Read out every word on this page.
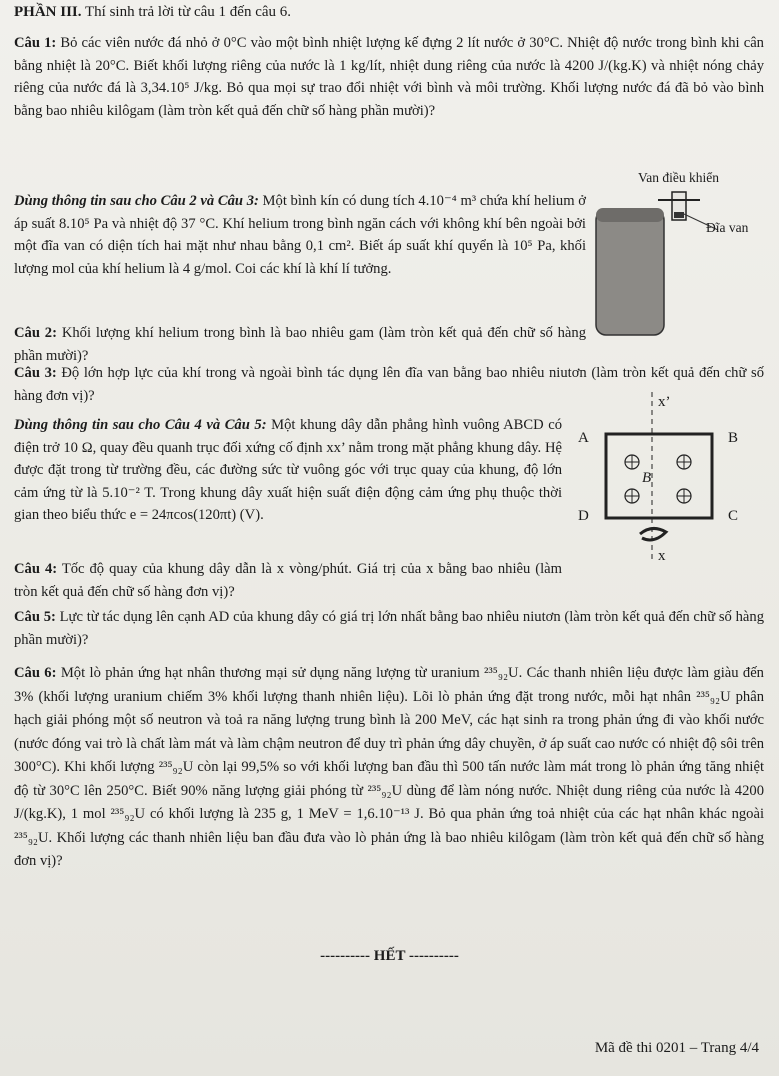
PHẦN III. Thí sinh trả lời từ câu 1 đến câu 6.

Câu 1: Bỏ các viên nước đá nhỏ ở 0°C vào một bình nhiệt lượng kế đựng 2 lít nước ở 30°C. Nhiệt độ nước trong bình khi cân bằng nhiệt là 20°C. Biết khối lượng riêng của nước là 1 kg/lít, nhiệt dung riêng của nước là 4200 J/(kg.K) và nhiệt nóng chảy riêng của nước đá là 3,34.10⁵ J/kg. Bỏ qua mọi sự trao đổi nhiệt với bình và môi trường. Khối lượng nước đá đã bỏ vào bình bằng bao nhiêu kilôgam (làm tròn kết quả đến chữ số hàng phần mười)?

Dùng thông tin sau cho Câu 2 và Câu 3: Một bình kín có dung tích 4.10⁻⁴ m³ chứa khí helium ở áp suất 8.10⁵ Pa và nhiệt độ 37 °C. Khí helium trong bình ngăn cách với không khí bên ngoài bởi một đĩa van có diện tích hai mặt như nhau bằng 0,1 cm². Biết áp suất khí quyển là 10⁵ Pa, khối lượng mol của khí helium là 4 g/mol. Coi các khí là khí lí tưởng.

Van điều khiển
Đĩa van

Câu 2: Khối lượng khí helium trong bình là bao nhiêu gam (làm tròn kết quả đến chữ số hàng phần mười)?

Câu 3: Độ lớn hợp lực của khí trong và ngoài bình tác dụng lên đĩa van bằng bao nhiêu niutơn (làm tròn kết quả đến chữ số hàng đơn vị)?

Dùng thông tin sau cho Câu 4 và Câu 5: Một khung dây dẫn phẳng hình vuông ABCD có điện trở 10 Ω, quay đều quanh trục đối xứng cố định xx’ nằm trong mặt phẳng khung dây. Hệ được đặt trong từ trường đều, các đường sức từ vuông góc với trục quay của khung, độ lớn cảm ứng từ là 5.10⁻² T. Trong khung dây xuất hiện suất điện động cảm ứng phụ thuộc thời gian theo biểu thức e = 24πcos(120πt) (V).

x’
A	B
C
D
B⃗
x

Câu 4: Tốc độ quay của khung dây dẫn là x vòng/phút. Giá trị của x bằng bao nhiêu (làm tròn kết quả đến chữ số hàng đơn vị)?

Câu 5: Lực từ tác dụng lên cạnh AD của khung dây có giá trị lớn nhất bằng bao nhiêu niutơn (làm tròn kết quả đến chữ số hàng phần mười)?

Câu 6: Một lò phản ứng hạt nhân thương mại sử dụng năng lượng từ uranium ²³⁵₉₂U. Các thanh nhiên liệu được làm giàu đến 3% (khối lượng uranium chiếm 3% khối lượng thanh nhiên liệu). Lõi lò phản ứng đặt trong nước, mỗi hạt nhân ²³⁵₉₂U phân hạch giải phóng một số neutron và toả ra năng lượng trung bình là 200 MeV, các hạt sinh ra trong phản ứng đi vào khối nước (nước đóng vai trò là chất làm mát và làm chậm neutron để duy trì phản ứng dây chuyền, ở áp suất cao nước có nhiệt độ sôi trên 300°C). Khi khối lượng ²³⁵₉₂U còn lại 99,5% so với khối lượng ban đầu thì 500 tấn nước làm mát trong lò phản ứng tăng nhiệt độ từ 30°C lên 250°C. Biết 90% năng lượng giải phóng từ ²³⁵₉₂U dùng để làm nóng nước. Nhiệt dung riêng của nước là 4200 J/(kg.K), 1 mol ²³⁵₉₂U có khối lượng là 235 g, 1 MeV = 1,6.10⁻¹³ J. Bỏ qua phản ứng toả nhiệt của các hạt nhân khác ngoài ²³⁵₉₂U. Khối lượng các thanh nhiên liệu ban đầu đưa vào lò phản ứng là bao nhiêu kilôgam (làm tròn kết quả đến chữ số hàng đơn vị)?

---------- HẾT ----------
Mã đề thi 0201 – Trang 4/4
